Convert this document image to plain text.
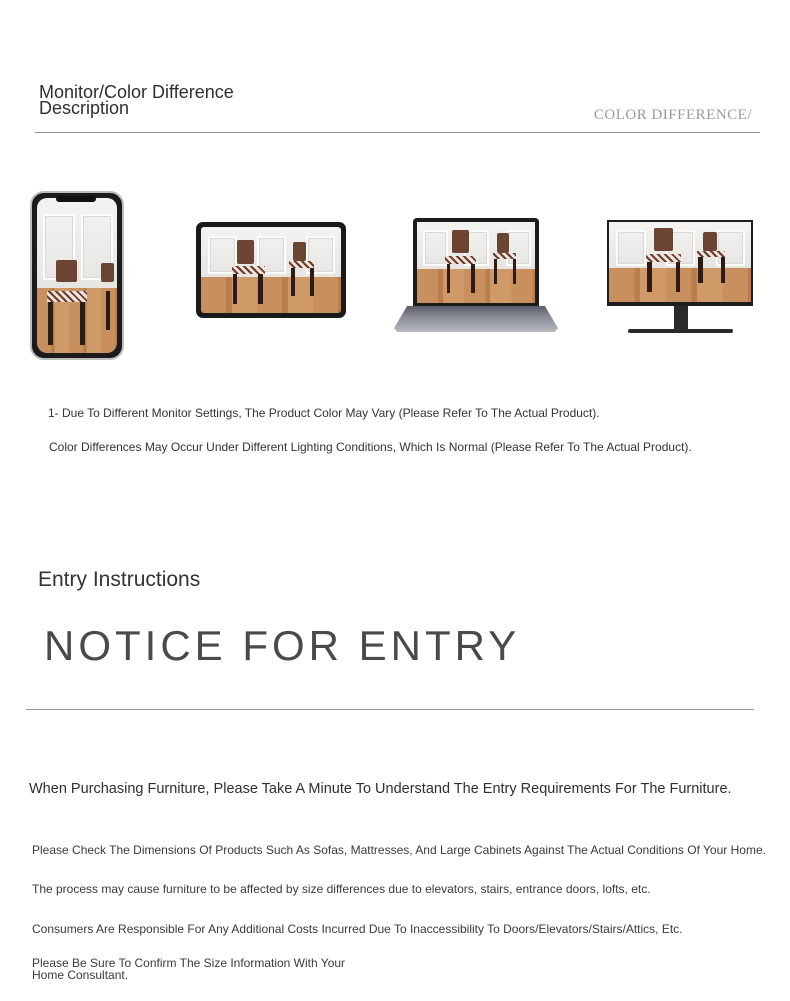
Monitor/Color Difference Description	COLOR DIFFERENCE/
1- Due To Different Monitor Settings, The Product Color May Vary (Please Refer To The Actual Product).
Color Differences May Occur Under Different Lighting Conditions, Which Is Normal (Please Refer To The Actual Product).
Entry Instructions
NOTICE FOR ENTRY
When Purchasing Furniture, Please Take A Minute To Understand The Entry Requirements For The Furniture.
Please Check The Dimensions Of Products Such As Sofas, Mattresses, And Large Cabinets Against The Actual Conditions Of Your Home.
The process may cause furniture to be affected by size differences due to elevators, stairs, entrance doors, lofts, etc.
Consumers Are Responsible For Any Additional Costs Incurred Due To Inaccessibility To Doors/Elevators/Stairs/Attics, Etc.
Please Be Sure To Confirm The Size Information With Your Home Consultant.
